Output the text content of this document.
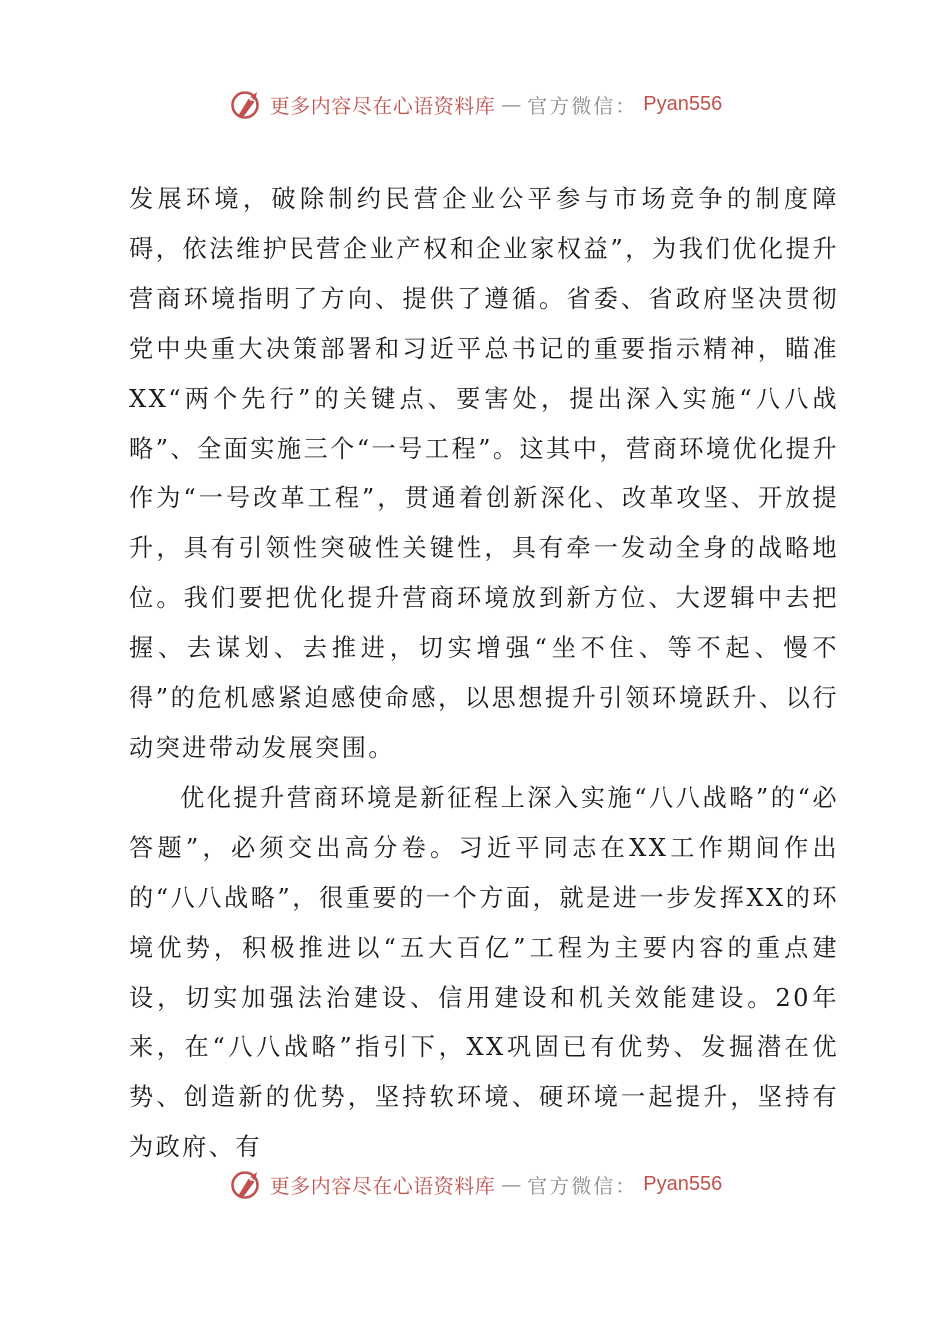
更多内容尽在心语资料库 — 官方微信： Pyan556

发展环境，破除制约民营企业公平参与市场竞争的制度障碍，依法维护民营企业产权和企业家权益”，为我们优化提升营商环境指明了方向、提供了遵循。省委、省政府坚决贯彻党中央重大决策部署和习近平总书记的重要指示精神，瞄准XX“两个先行”的关键点、要害处，提出深入实施“八八战略”、全面实施三个“一号工程”。这其中，营商环境优化提升作为“一号改革工程”，贯通着创新深化、改革攻坚、开放提升，具有引领性突破性关键性，具有牵一发动全身的战略地位。我们要把优化提升营商环境放到新方位、大逻辑中去把握、去谋划、去推进，切实增强“坐不住、等不起、慢不得”的危机感紧迫感使命感，以思想提升引领环境跃升、以行动突进带动发展突围。

优化提升营商环境是新征程上深入实施“八八战略”的“必答题”，必须交出高分卷。习近平同志在XX工作期间作出的“八八战略”，很重要的一个方面，就是进一步发挥XX的环境优势，积极推进以“五大百亿”工程为主要内容的重点建设，切实加强法治建设、信用建设和机关效能建设。20年来，在“八八战略”指引下，XX巩固已有优势、发掘潜在优势、创造新的优势，坚持软环境、硬环境一起提升，坚持有为政府、有

更多内容尽在心语资料库 — 官方微信： Pyan556
